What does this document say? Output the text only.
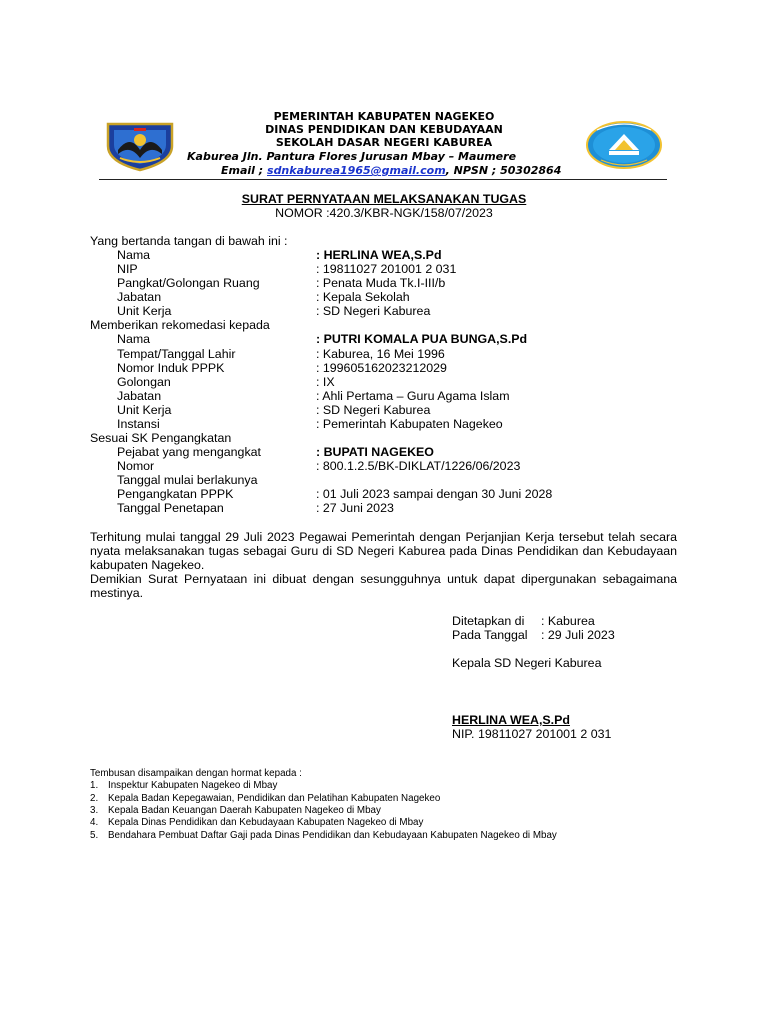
PEMERINTAH KABUPATEN NAGEKEO
DINAS PENDIDIKAN DAN KEBUDAYAAN
SEKOLAH DASAR NEGERI KABUREA
Kaburea Jln. Pantura Flores Jurusan Mbay – Maumere
Email ; sdnkaburea1965@gmail.com, NPSN ; 50302864
SURAT PERNYATAAN MELAKSANAKAN TUGAS
NOMOR :420.3/KBR-NGK/158/07/2023
Yang bertanda tangan di bawah ini :
Nama	: HERLINA WEA,S.Pd
NIP	: 19811027 201001 2 031
Pangkat/Golongan Ruang	: Penata Muda Tk.I-III/b
Jabatan	: Kepala Sekolah
Unit Kerja	: SD Negeri Kaburea
Memberikan rekomedasi kepada
Nama	: PUTRI KOMALA PUA BUNGA,S.Pd
Tempat/Tanggal Lahir	: Kaburea, 16 Mei 1996
Nomor Induk PPPK	: 199605162023212029
Golongan	: IX
Jabatan	: Ahli Pertama – Guru Agama Islam
Unit Kerja	: SD Negeri Kaburea
Instansi	: Pemerintah Kabupaten Nagekeo
Sesuai SK Pengangkatan
Pejabat yang mengangkat	: BUPATI NAGEKEO
Nomor	: 800.1.2.5/BK-DIKLAT/1226/06/2023
Tanggal mulai berlakunya
Pengangkatan PPPK	: 01 Juli 2023 sampai dengan 30 Juni 2028
Tanggal Penetapan	: 27 Juni 2023
Terhitung mulai tanggal 29 Juli 2023 Pegawai Pemerintah dengan Perjanjian Kerja tersebut telah secara nyata melaksanakan tugas sebagai Guru di SD Negeri Kaburea pada Dinas Pendidikan dan Kebudayaan kabupaten Nagekeo.
Demikian Surat Pernyataan ini dibuat dengan sesungguhnya untuk dapat dipergunakan sebagaimana mestinya.
Ditetapkan di : Kaburea
Pada Tanggal : 29 Juli 2023
Kepala SD Negeri Kaburea
HERLINA WEA,S.Pd
NIP. 19811027 201001 2 031
Tembusan disampaikan dengan hormat kepada :
1. Inspektur Kabupaten Nagekeo di Mbay
2. Kepala Badan Kepegawaian, Pendidikan dan Pelatihan Kabupaten Nagekeo
3. Kepala Badan Keuangan Daerah Kabupaten Nagekeo di Mbay
4. Kepala Dinas Pendidikan dan Kebudayaan Kabupaten Nagekeo di Mbay
5. Bendahara Pembuat Daftar Gaji pada Dinas Pendidikan dan Kebudayaan Kabupaten Nagekeo di Mbay
